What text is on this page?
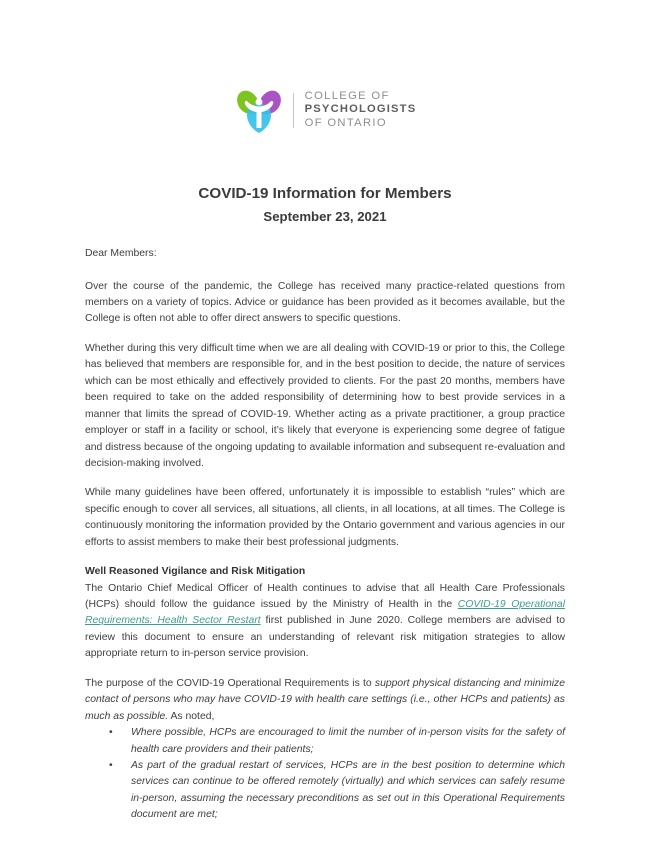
COLLEGE OF
PSYCHOLOGISTS
OF ONTARIO
COVID-19 Information for Members
September 23, 2021

Dear Members:

Over the course of the pandemic, the College has received many practice-related questions from members on a variety of topics. Advice or guidance has been provided as it becomes available, but the College is often not able to offer direct answers to specific questions.

Whether during this very difficult time when we are all dealing with COVID-19 or prior to this, the College has believed that members are responsible for, and in the best position to decide, the nature of services which can be most ethically and effectively provided to clients. For the past 20 months, members have been required to take on the added responsibility of determining how to best provide services in a manner that limits the spread of COVID-19. Whether acting as a private practitioner, a group practice employer or staff in a facility or school, it’s likely that everyone is experiencing some degree of fatigue and distress because of the ongoing updating to available information and subsequent re-evaluation and decision-making involved.

While many guidelines have been offered, unfortunately it is impossible to establish “rules” which are specific enough to cover all services, all situations, all clients, in all locations, at all times. The College is continuously monitoring the information provided by the Ontario government and various agencies in our efforts to assist members to make their best professional judgments.

Well Reasoned Vigilance and Risk Mitigation

The Ontario Chief Medical Officer of Health continues to advise that all Health Care Professionals (HCPs) should follow the guidance issued by the Ministry of Health in the COVID-19 Operational Requirements: Health Sector Restart first published in June 2020. College members are advised to review this document to ensure an understanding of relevant risk mitigation strategies to allow appropriate return to in-person service provision.

The purpose of the COVID-19 Operational Requirements is to support physical distancing and minimize contact of persons who may have COVID-19 with health care settings (i.e., other HCPs and patients) as much as possible. As noted,

• Where possible, HCPs are encouraged to limit the number of in-person visits for the safety of health care providers and their patients;
• As part of the gradual restart of services, HCPs are in the best position to determine which services can continue to be offered remotely (virtually) and which services can safely resume in-person, assuming the necessary preconditions as set out in this Operational Requirements document are met;
